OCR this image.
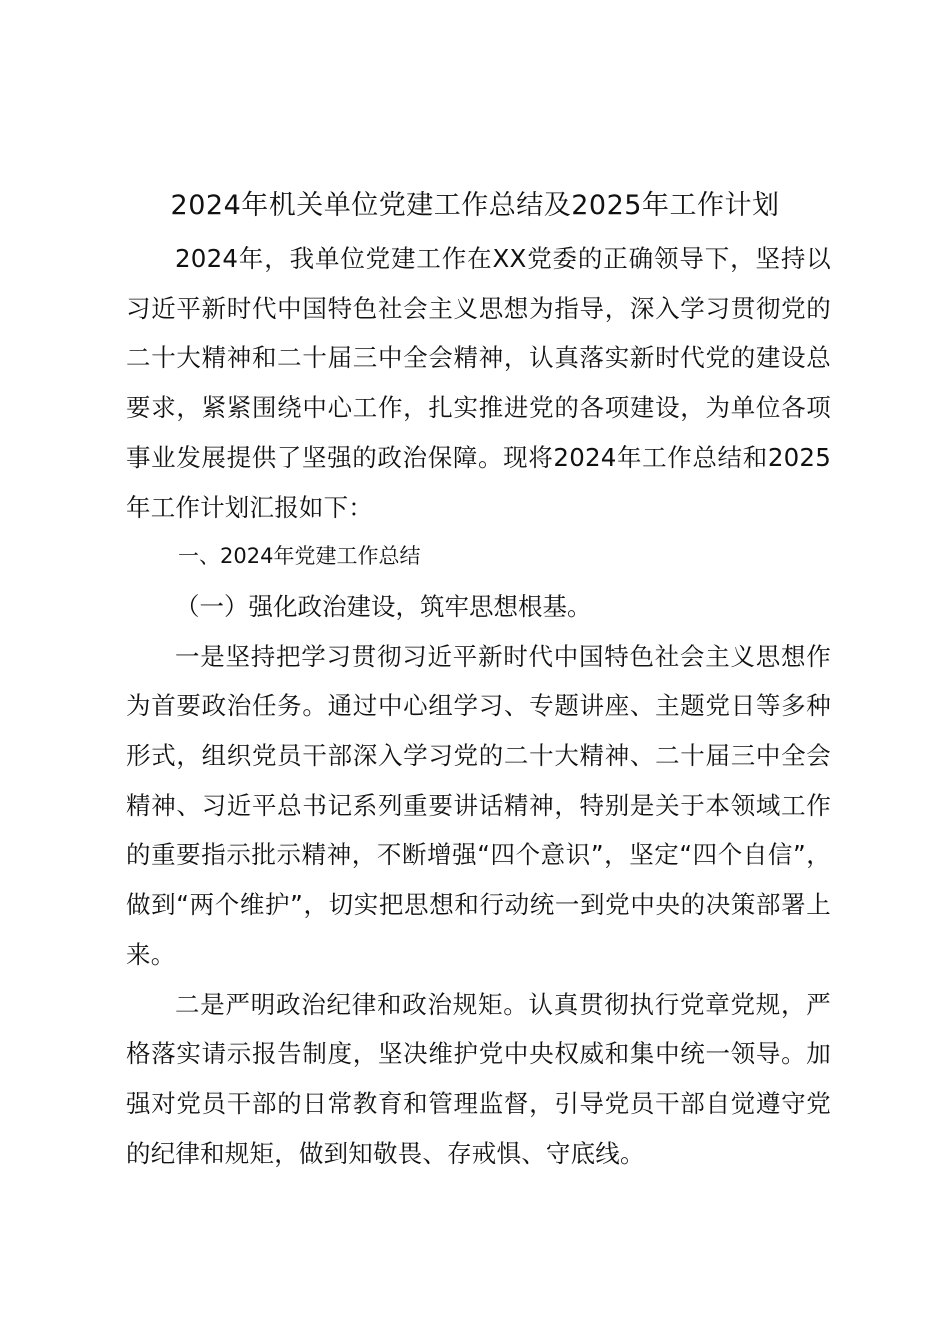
2024年机关单位党建工作总结及2025年工作计划

2024年，我单位党建工作在XX党委的正确领导下，坚持以习近平新时代中国特色社会主义思想为指导，深入学习贯彻党的二十大精神和二十届三中全会精神，认真落实新时代党的建设总要求，紧紧围绕中心工作，扎实推进党的各项建设，为单位各项事业发展提供了坚强的政治保障。现将2024年工作总结和2025年工作计划汇报如下：

一、2024年党建工作总结

（一）强化政治建设，筑牢思想根基。

一是坚持把学习贯彻习近平新时代中国特色社会主义思想作为首要政治任务。通过中心组学习、专题讲座、主题党日等多种形式，组织党员干部深入学习党的二十大精神、二十届三中全会精神、习近平总书记系列重要讲话精神，特别是关于本领域工作的重要指示批示精神，不断增强“四个意识”，坚定“四个自信”，做到“两个维护”，切实把思想和行动统一到党中央的决策部署上来。

二是严明政治纪律和政治规矩。认真贯彻执行党章党规，严格落实请示报告制度，坚决维护党中央权威和集中统一领导。加强对党员干部的日常教育和管理监督，引导党员干部自觉遵守党的纪律和规矩，做到知敬畏、存戒惧、守底线。
